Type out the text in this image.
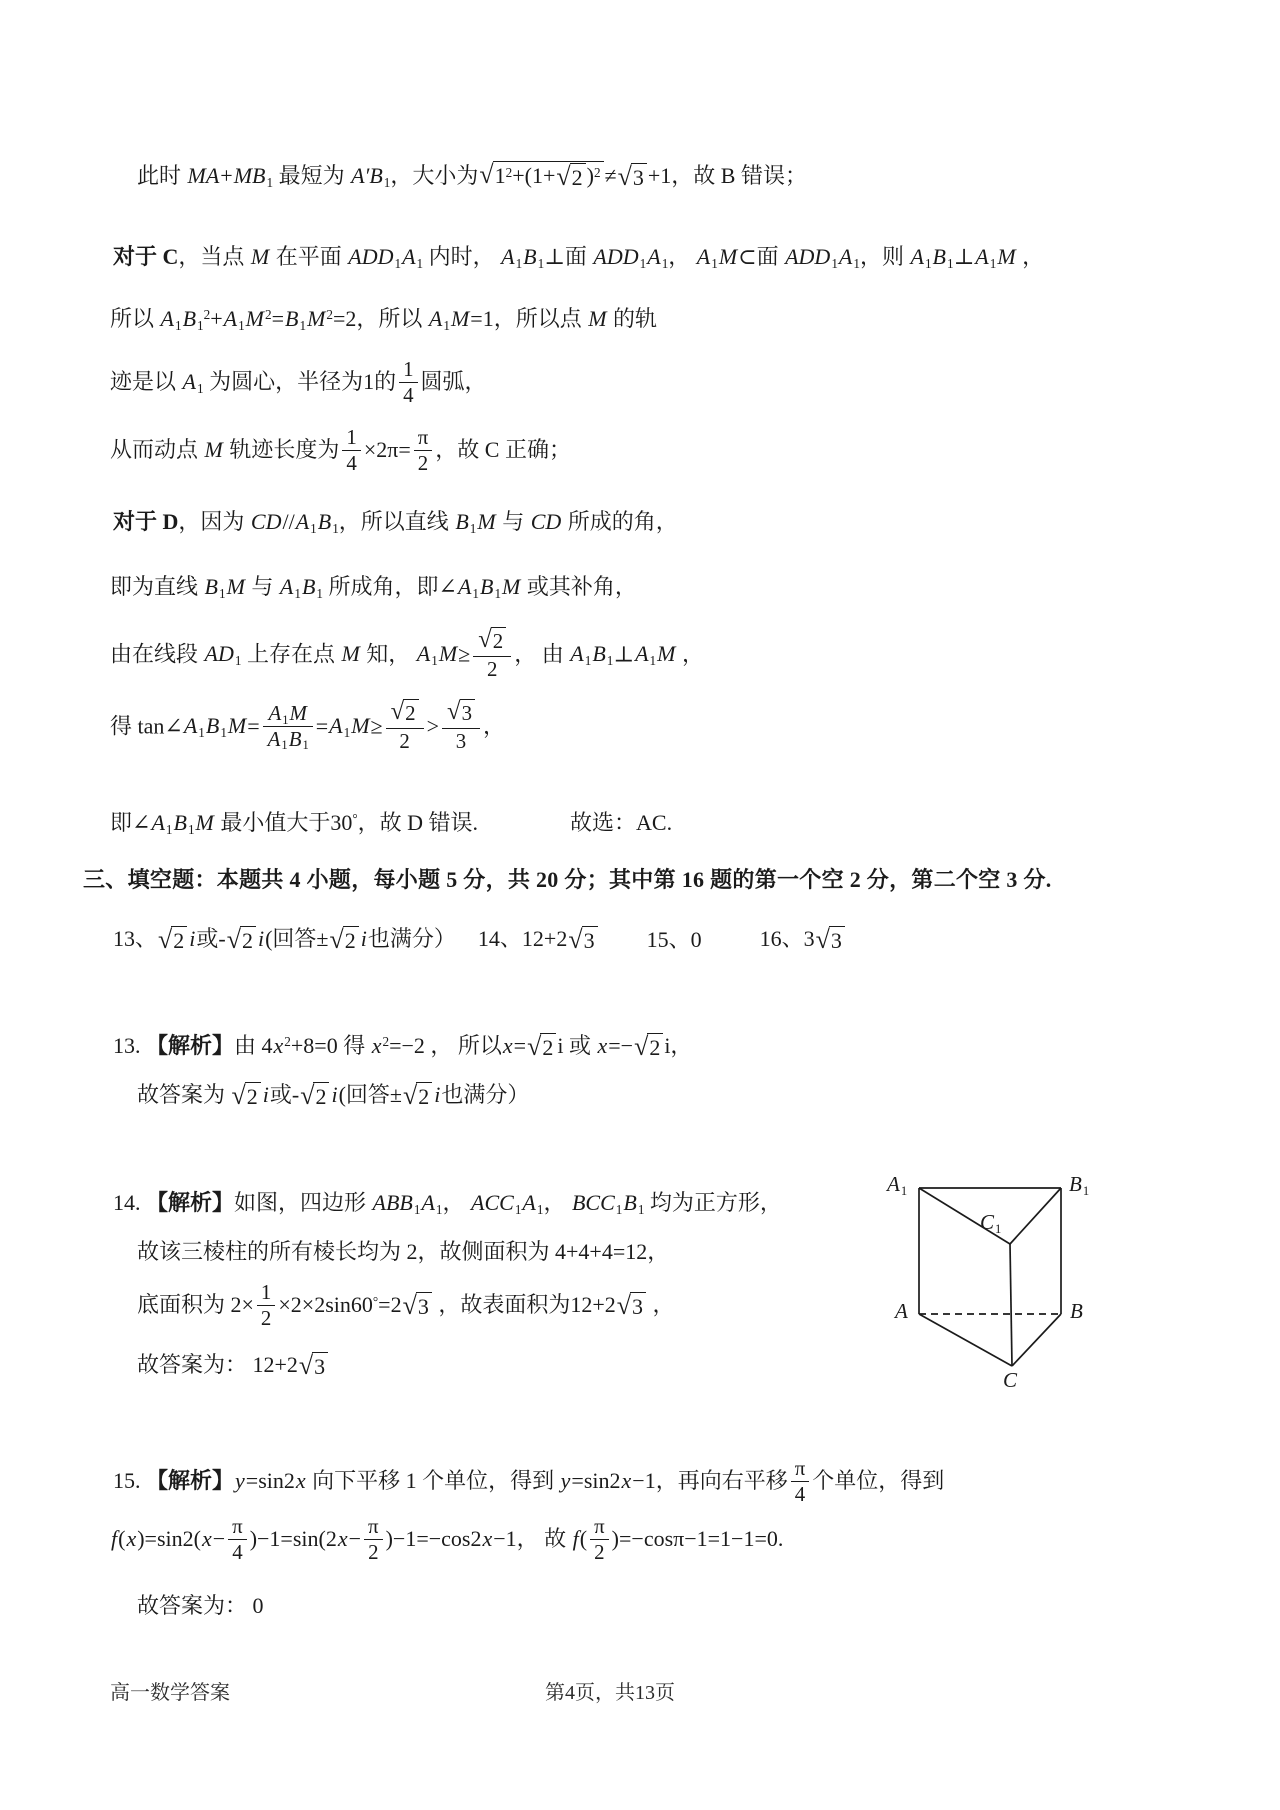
此时 $MA+MB_1$ 最短为 $A'B_1$，大小为 √ $1^2+(1+$ √ 2 )$^2$ ≠ √ 3 +1，故 B 错误；
对于 C，当点 M 在平面 $ADD_1A_1$ 内时， $A_1B_1\perp$面 $ADD_1A_1$， $A_1M\subset$面 $ADD_1A_1$，则 $A_1B_1\perp A_1M$ ，
所以 $A_1B_1^2+A_1M^2=B_1M^2=2$，所以 $A_1M=1$，所以点 M 的轨
迹是以 $A_1$ 为圆心，半径为1的 $\frac{1}{4}$ 圆弧，
从而动点 M 轨迹长度为 $\frac{1}{4} \times 2\pi= \frac{\pi}{2}$ ，故 C 正确；
对于 D，因为 $CD//A_1B_1$，所以直线 $B_1M$ 与 CD 所成的角，
即为直线 $B_1M$ 与 $A_1B_1$ 所成角，即$\angle A_1B_1M$ 或其补角，
由在线段 $AD_1$ 上存在点 M 知， $A_1M\ge \frac{√ 2}{2}$ ， 由 $A_1B_1\perp A_1M$ ，
得 $\tan\angle A_1B_1M= \frac{A_1M}{A_1B_1} =A_1M\ge \frac{√ 2}{2} > \frac{√ 3}{3}$ ，
即$\angle A_1B_1M$ 最小值大于30°，故 D 错误.	故选：AC.
三、填空题：本题共 4 小题，每小题 5 分，共 20 分；其中第 16 题的第一个空 2 分，第二个空 3 分.
13、 √ 2 i或- √ 2 i(回答± √ 2 i也满分） 14、12+2 √ 3 15、0	16、3 √ 3
13. 【解析】由 $4x^2+8=0$ 得 $x^2=-2$ ， 所以x= √ 2 i 或 x=− √ 2 i，
故答案为 √ 2 i或- √ 2 i(回答± √ 2 i也满分）
14. 【解析】如图，四边形 $ABB_1A_1$， $ACC_1A_1$， $BCC_1B_1$ 均为正方形，
故该三棱柱的所有棱长均为 2，故侧面积为 4+4+4=12，
底面积为 $2\times \frac{1}{2} \times 2\times 2\sin 60^\circ=2$ √ 3 ，故表面积为12+2 √ 3 ，
故答案为： 12+2 √ 3
$A_1$	$B_1$
$C_1$
A	B
C
15. 【解析】y=sin2x 向下平移 1 个单位，得到 y=sin2x−1，再向右平移 $\frac{\pi}{4}$ 个单位，得到
$f(x)=\sin 2(x- \frac{\pi}{4} )-1=\sin(2x- \frac{\pi}{2} )-1=-\cos 2x-1$， 故 $f( \frac{\pi}{2} )=-\cos\pi-1=1-1=0$.
故答案为： 0
高一数学答案	第4页，共13页
